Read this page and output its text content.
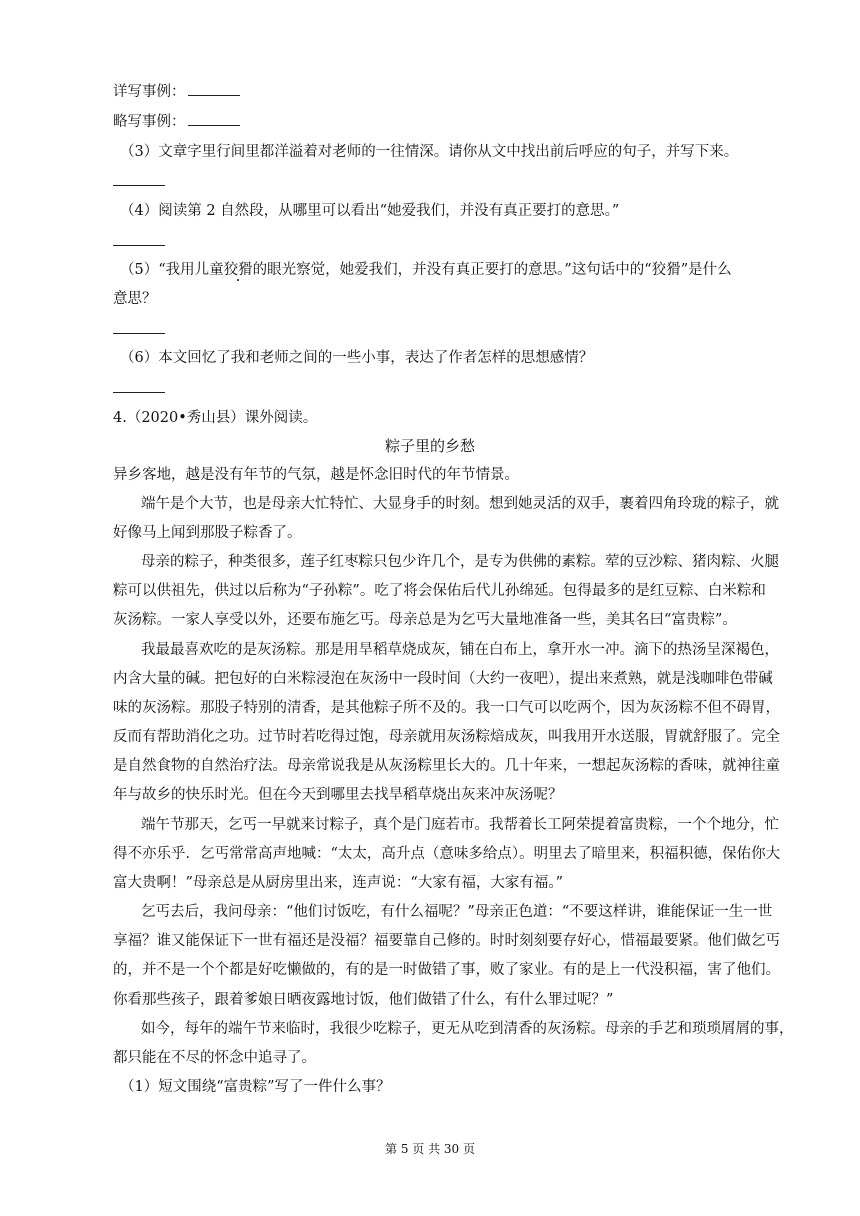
详写事例：
略写事例：
（3）文章字里行间里都洋溢着对老师的一往情深。请你从文中找出前后呼应的句子，并写下来。
（4）阅读第 2 自然段，从哪里可以看出“她爱我们，并没有真正要打的意思。”
（5）“我用儿童狡猾的眼光察觉，她爱我们，并没有真正要打的意思。”这句话中的“狡猾”是什么
意思？
（6）本文回忆了我和老师之间的一些小事，表达了作者怎样的思想感情？
4.（2020•秀山县）课外阅读。
粽子里的乡愁
异乡客地，越是没有年节的气氛，越是怀念旧时代的年节情景。
端午是个大节，也是母亲大忙特忙、大显身手的时刻。想到她灵活的双手，裹着四角玲珑的粽子，就
好像马上闻到那股子粽香了。
母亲的粽子，种类很多，莲子红枣粽只包少许几个，是专为供佛的素粽。荤的豆沙粽、猪肉粽、火腿
粽可以供祖先，供过以后称为“子孙粽”。吃了将会保佑后代儿孙绵延。包得最多的是红豆粽、白米粽和
灰汤粽。一家人享受以外，还要布施乞丐。母亲总是为乞丐大量地准备一些，美其名曰“富贵粽”。
我最最喜欢吃的是灰汤粽。那是用旱稻草烧成灰，铺在白布上，拿开水一冲。滴下的热汤呈深褐色，
内含大量的碱。把包好的白米粽浸泡在灰汤中一段时间（大约一夜吧），提出来煮熟，就是浅咖啡色带碱
味的灰汤粽。那股子特别的清香，是其他粽子所不及的。我一口气可以吃两个，因为灰汤粽不但不碍胃，
反而有帮助消化之功。过节时若吃得过饱，母亲就用灰汤粽焙成灰，叫我用开水送服，胃就舒服了。完全
是自然食物的自然治疗法。母亲常说我是从灰汤粽里长大的。几十年来，一想起灰汤粽的香味，就神往童
年与故乡的快乐时光。但在今天到哪里去找旱稻草烧出灰来冲灰汤呢？
端午节那天，乞丐一早就来讨粽子，真个是门庭若市。我帮着长工阿荣提着富贵粽，一个个地分，忙
得不亦乐乎．乞丐常常高声地喊：“太太，高升点（意味多给点）。明里去了暗里来，积福积德，保佑你大
富大贵啊！”母亲总是从厨房里出来，连声说：“大家有福，大家有福。”
乞丐去后，我问母亲：“他们讨饭吃，有什么福呢？”母亲正色道：“不要这样讲，谁能保证一生一世
享福？谁又能保证下一世有福还是没福？福要靠自己修的。时时刻刻要存好心，惜福最要紧。他们做乞丐
的，并不是一个个都是好吃懒做的，有的是一时做错了事，败了家业。有的是上一代没积福，害了他们。
你看那些孩子，跟着爹娘日晒夜露地讨饭，他们做错了什么，有什么罪过呢？”
如今，每年的端午节来临时，我很少吃粽子，更无从吃到清香的灰汤粽。母亲的手艺和琐琐屑屑的事，
都只能在不尽的怀念中追寻了。
（1）短文围绕“富贵粽”写了一件什么事？
第 5 页 共 30 页
